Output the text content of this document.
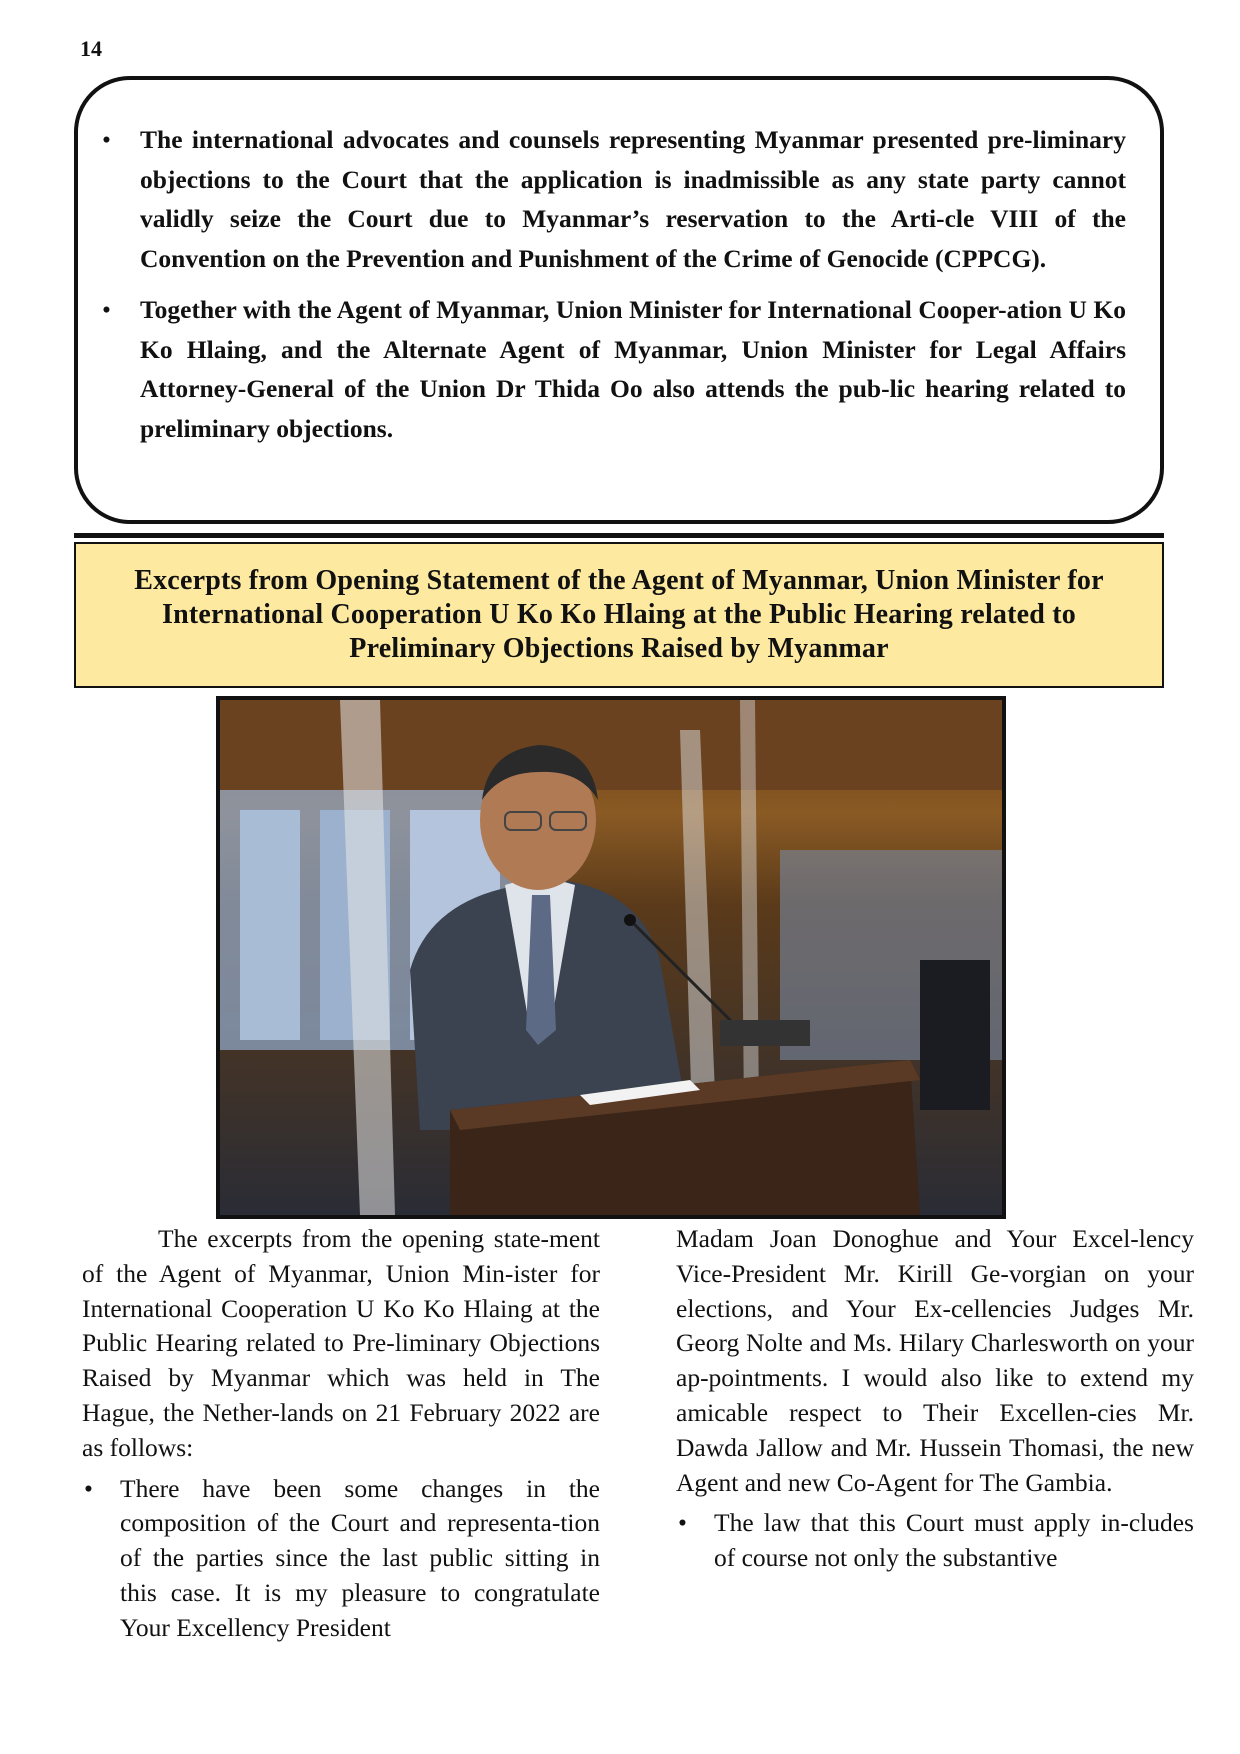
14
• The international advocates and counsels representing Myanmar presented pre-liminary objections to the Court that the application is inadmissible as any state party cannot validly seize the Court due to Myanmar’s reservation to the Arti-cle VIII of the Convention on the Prevention and Punishment of the Crime of Genocide (CPPCG).
• Together with the Agent of Myanmar, Union Minister for International Cooper-ation U Ko Ko Hlaing, and the Alternate Agent of Myanmar, Union Minister for Legal Affairs Attorney-General of the Union Dr Thida Oo also attends the pub-lic hearing related to preliminary objections.
Excerpts from Opening Statement of the Agent of Myanmar, Union Minister for International Cooperation U Ko Ko Hlaing at the Public Hearing related to Preliminary Objections Raised by Myanmar

The excerpts from the opening state-ment of the Agent of Myanmar, Union Min-ister for International Cooperation U Ko Ko Hlaing at the Public Hearing related to Pre-liminary Objections Raised by Myanmar which was held in The Hague, the Nether-lands on 21 February 2022 are as follows:

• There have been some changes in the composition of the Court and representa-tion of the parties since the last public sitting in this case. It is my pleasure to congratulate Your Excellency President

Madam Joan Donoghue and Your Excel-lency Vice-President Mr. Kirill Ge-vorgian on your elections, and Your Ex-cellencies Judges Mr. Georg Nolte and Ms. Hilary Charlesworth on your ap-pointments. I would also like to extend my amicable respect to Their Excellen-cies Mr. Dawda Jallow and Mr. Hussein Thomasi, the new Agent and new Co-Agent for The Gambia.

• The law that this Court must apply in-cludes of course not only the substantive
